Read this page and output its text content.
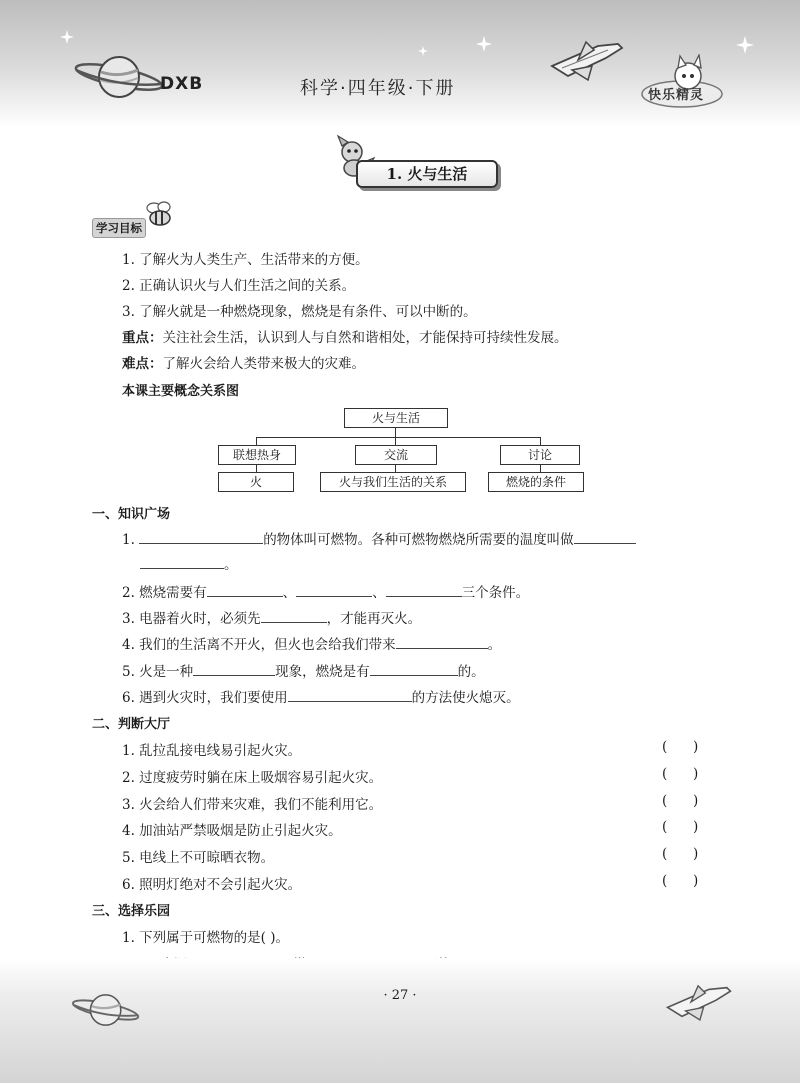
DXB	科学·四年级·下册	快乐精灵
1. 火与生活
学习目标
1. 了解火为人类生产、生活带来的方便。
2. 正确认识火与人们生活之间的关系。
3. 了解火就是一种燃烧现象，燃烧是有条件、可以中断的。
重点：关注社会生活，认识到人与自然和谐相处，才能保持可持续性发展。
难点：了解火会给人类带来极大的灾难。
本课主要概念关系图
火与生活
联想热身	交流	讨论
火	火与我们生活的关系	燃烧的条件
一、知识广场
1.	的物体叫可燃物。各种可燃物燃烧所需要的温度叫做
。
2. 燃烧需要有	、	、	三个条件。
3. 电器着火时，必须先	，才能再灭火。
4. 我们的生活离不开火，但火也会给我们带来	。
5. 火是一种	现象，燃烧是有	的。
6. 遇到火灾时，我们要使用	的方法使火熄灭。
二、判断大厅
1. 乱拉乱接电线易引起火灾。	(      )
2. 过度疲劳时躺在床上吸烟容易引起火灾。	(      )
3. 火会给人们带来灾难，我们不能利用它。	(      )
4. 加油站严禁吸烟是防止引起火灾。	(      )
5. 电线上不可晾晒衣物。	(      )
6. 照明灯绝对不会引起火灾。	(      )
三、选择乐园
1. 下列属于可燃物的是( )。
· 27 ·
